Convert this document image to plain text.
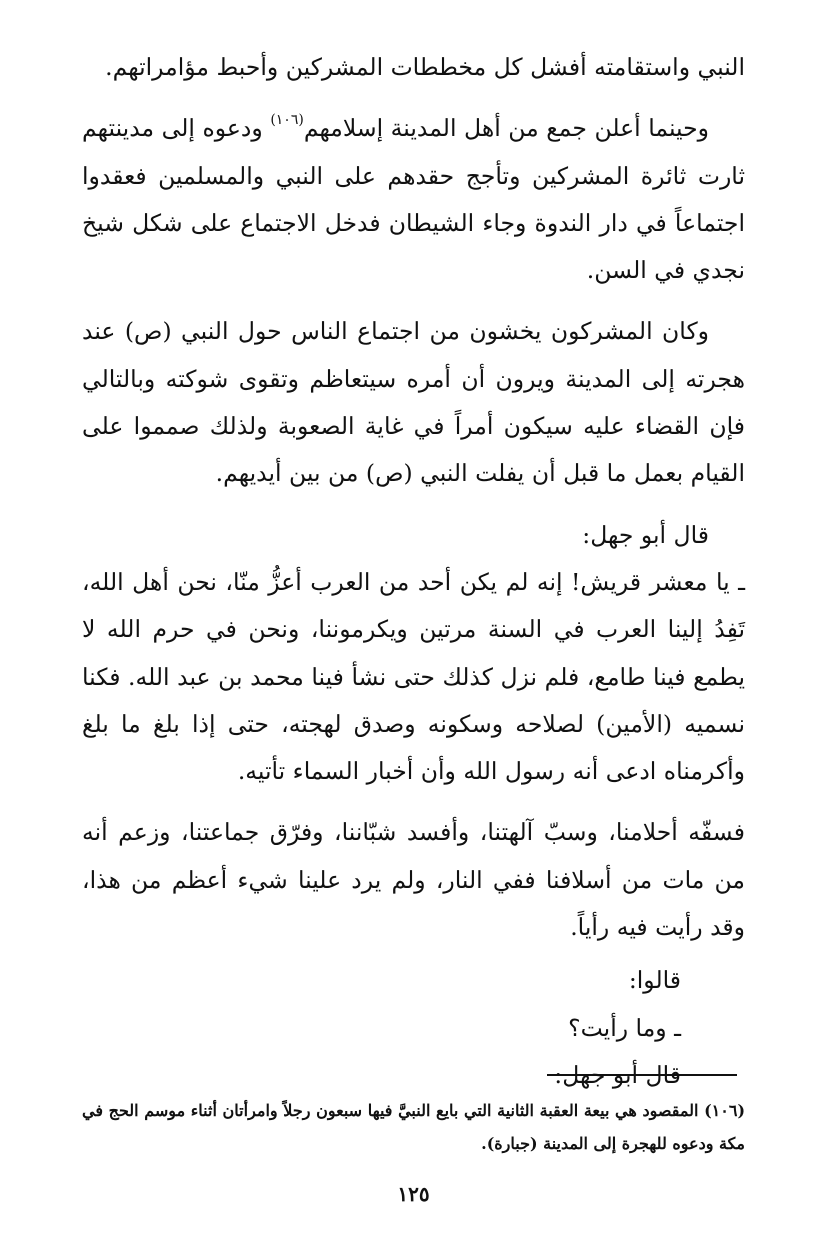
النبي واستقامته أفشل كل مخططات المشركين وأحبط مؤامراتهم.

وحينما أعلن جمع من أهل المدينة إسلامهم$^{(١٠٦)}$ ودعوه إلى مدينتهم ثارت ثائرة المشركين وتأجج حقدهم على النبي والمسلمين فعقدوا اجتماعاً في دار الندوة وجاء الشيطان فدخل الاجتماع على شكل شيخ نجدي في السن.

وكان المشركون يخشون من اجتماع الناس حول النبي (ص) عند هجرته إلى المدينة ويرون أن أمره سيتعاظم وتقوى شوكته وبالتالي فإن القضاء عليه سيكون أمراً في غاية الصعوبة ولذلك صمموا على القيام بعمل ما قبل أن يفلت النبي (ص) من بين أيديهم.

قال أبو جهل:

ـ يا معشر قريش! إنه لم يكن أحد من العرب أعزُّ منّا، نحن أهل الله، تَفِدُ إلينا العرب في السنة مرتين ويكرموننا، ونحن في حرم الله لا يطمع فينا طامع، فلم نزل كذلك حتى نشأ فينا محمد بن عبد الله. فكنا نسميه (الأمين) لصلاحه وسكونه وصدق لهجته، حتى إذا بلغ ما بلغ وأكرمناه ادعى أنه رسول الله وأن أخبار السماء تأتيه.

فسفّه أحلامنا، وسبّ آلهتنا، وأفسد شبّاننا، وفرّق جماعتنا، وزعم أنه من مات من أسلافنا ففي النار، ولم يرد علينا شيء أعظم من هذا، وقد رأيت فيه رأياً.

قالوا:

ـ وما رأيت؟

قال أبو جهل:

(١٠٦) المقصود هي بيعة العقبة الثانية التي بايع النبيَّ فيها سبعون رجلاً وامرأتان أثناء موسم الحج في مكة ودعوه للهجرة إلى المدينة (جبارة).

١٢٥
